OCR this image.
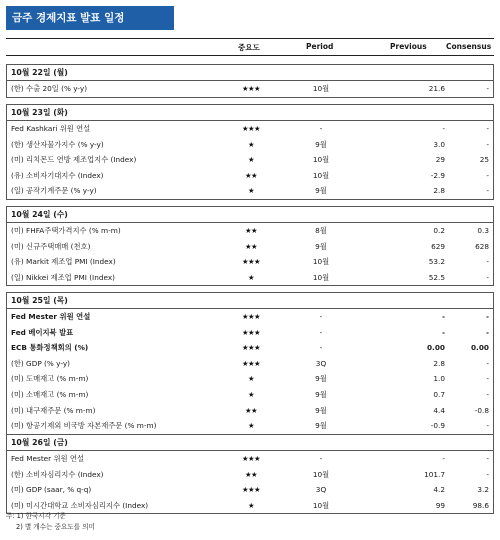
금주 경제지표 발표 일정
중요도	Period	Previous	Consensus
10월 22일 (월)
(한) 수출 20일 (% y-y)	★★★	10월	21.6	-
10월 23일 (화)
Fed Kashkari 위원 연설	★★★	-	-	-
(한) 생산자물가지수 (% y-y)	★	9월	3.0	-
(미) 리치몬드 연방 제조업지수 (Index)	★	10월	29	25
(유) 소비자기대지수 (Index)	★★	10월	-2.9	-
(일) 공작기계주문 (% y-y)	★	9월	2.8	-
10월 24일 (수)
(미) FHFA주택가격지수 (% m-m)	★★	8월	0.2	0.3
(미) 신규주택매매 (천호)	★★	9월	629	628
(유) Markit 제조업 PMI (Index)	★★★	10월	53.2	-
(일) Nikkei 제조업 PMI (Index)	★	10월	52.5	-
10월 25일 (목)
Fed Mester 위원 연설	★★★	-	-	-
Fed 베이지북 발표	★★★	-	-	-
ECB 통화정책회의 (%)	★★★	-	0.00	0.00
(한) GDP (% y-y)	★★★	3Q	2.8	-
(미) 도매재고 (% m-m)	★	9월	1.0	-
(미) 소매재고 (% m-m)	★	9월	0.7	-
(미) 내구재주문 (% m-m)	★★	9월	4.4	-0.8
(미) 항공기제외 비국방 자본재주문 (% m-m)	★	9월	-0.9	-
10월 26일 (금)
Fed Mester 위원 연설	★★★	-	-	-
(한) 소비자심리지수 (Index)	★★	10월	101.7	-
(미) GDP (saar, % q-q)	★★★	3Q	4.2	3.2
(미) 미시간대학교 소비자심리지수 (Index)	★	10월	99	98.6
주: 1) 한국시각 기준
2) 별 개수는 중요도를 의미
